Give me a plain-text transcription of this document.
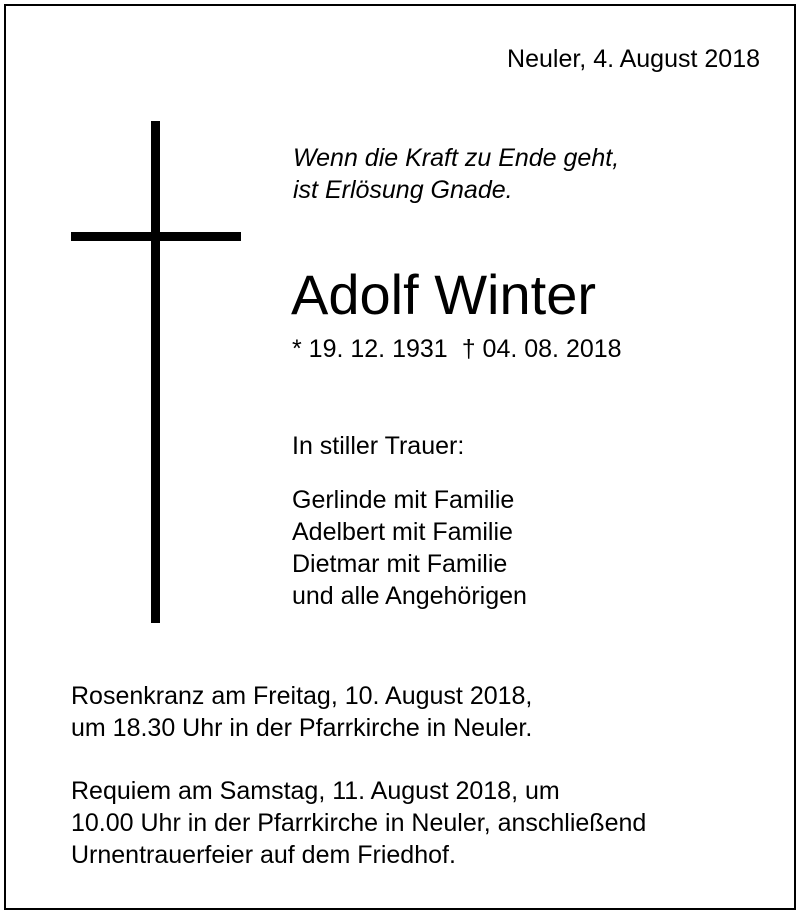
Neuler, 4. August 2018
Wenn die Kraft zu Ende geht,
ist Erlösung Gnade.
Adolf Winter
* 19. 12. 1931 † 04. 08. 2018
In stiller Trauer:
Gerlinde mit Familie
Adelbert mit Familie
Dietmar mit Familie
und alle Angehörigen
Rosenkranz am Freitag, 10. August 2018,
um 18.30 Uhr in der Pfarrkirche in Neuler.
Requiem am Samstag, 11. August 2018, um
10.00 Uhr in der Pfarrkirche in Neuler, anschließend
Urnentrauerfeier auf dem Friedhof.
